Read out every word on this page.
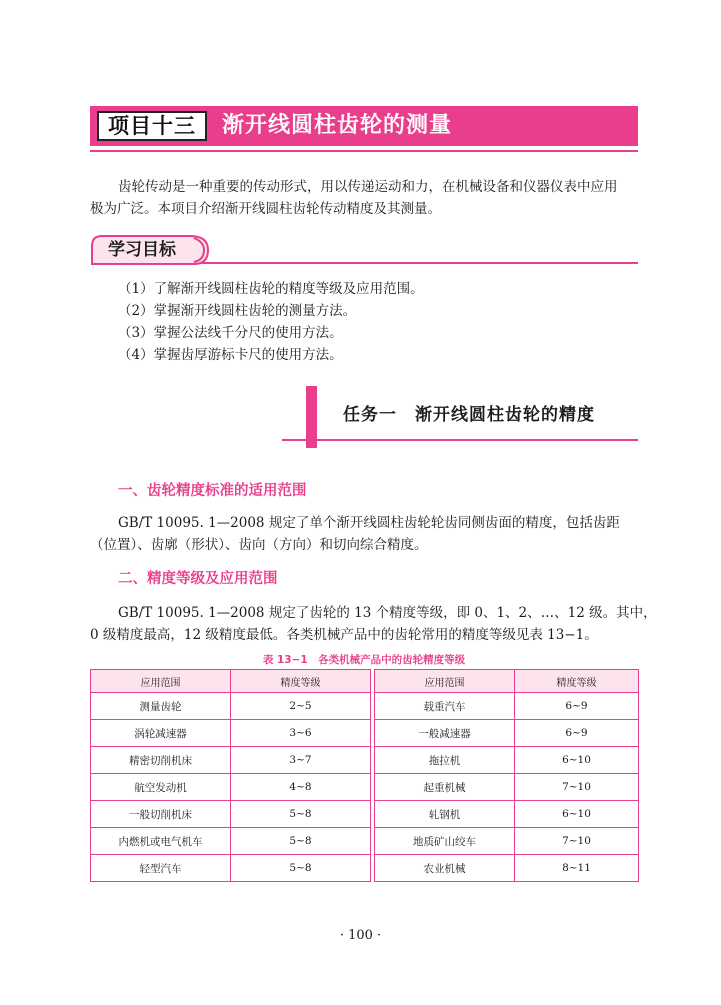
项目十三	渐开线圆柱齿轮的测量
齿轮传动是一种重要的传动形式，用以传递运动和力，在机械设备和仪器仪表中应用
极为广泛。本项目介绍渐开线圆柱齿轮传动精度及其测量。
学习目标
（1）了解渐开线圆柱齿轮的精度等级及应用范围。
（2）掌握渐开线圆柱齿轮的测量方法。
（3）掌握公法线千分尺的使用方法。
（4）掌握齿厚游标卡尺的使用方法。
任务一　渐开线圆柱齿轮的精度
一、齿轮精度标准的适用范围
GB/T 10095. 1—2008 规定了单个渐开线圆柱齿轮轮齿同侧齿面的精度，包括齿距
（位置）、齿廓（形状）、齿向（方向）和切向综合精度。
二、精度等级及应用范围
GB/T 10095. 1—2008 规定了齿轮的 13 个精度等级，即 0、1、2、…、12 级。其中，
0 级精度最高，12 级精度最低。各类机械产品中的齿轮常用的精度等级见表 13−1。
表 13−1　各类机械产品中的齿轮精度等级
应用范围	精度等级		应用范围	精度等级
测量齿轮	2~5		载重汽车	6~9
涡轮减速器	3~6		一般减速器	6~9
精密切削机床	3~7		拖拉机	6~10
航空发动机	4~8		起重机械	7~10
一般切削机床	5~8		轧钢机	6~10
内燃机或电气机车	5~8		地质矿山绞车	7~10
轻型汽车	5~8		农业机械	8~11
· 100 ·
